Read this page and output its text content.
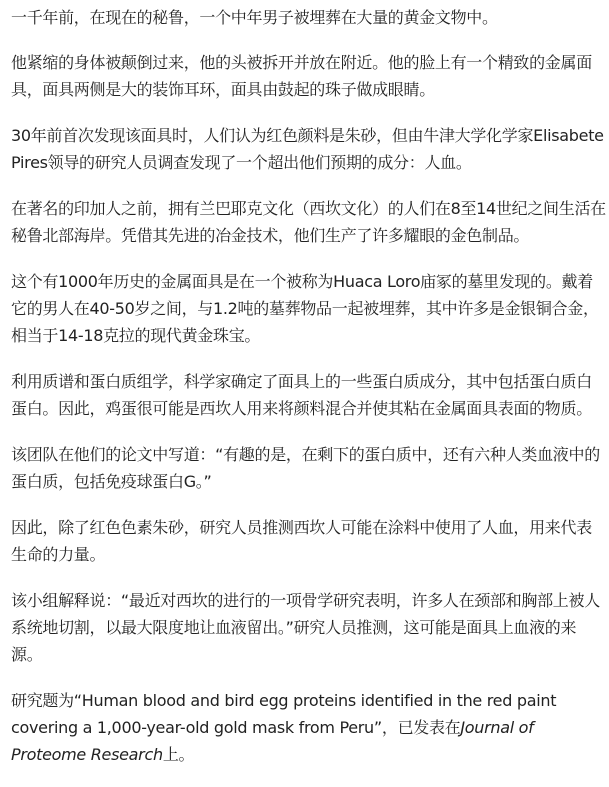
一千年前，在现在的秘鲁，一个中年男子被埋葬在大量的黄金文物中。

他紧缩的身体被颠倒过来，他的头被拆开并放在附近。他的脸上有一个精致的金属面具，面具两侧是大的装饰耳环，面具由鼓起的珠子做成眼睛。

30年前首次发现该面具时，人们认为红色颜料是朱砂，但由牛津大学化学家Elisabete Pires领导的研究人员调查发现了一个超出他们预期的成分：人血。

在著名的印加人之前，拥有兰巴耶克文化（西坎文化）的人们在8至14世纪之间生活在秘鲁北部海岸。凭借其先进的冶金技术，他们生产了许多耀眼的金色制品。

这个有1000年历史的金属面具是在一个被称为Huaca Loro庙冢的墓里发现的。戴着它的男人在40-50岁之间，与1.2吨的墓葬物品一起被埋葬，其中许多是金银铜合金，相当于14-18克拉的现代黄金珠宝。

利用质谱和蛋白质组学，科学家确定了面具上的一些蛋白质成分，其中包括蛋白质白蛋白。因此，鸡蛋很可能是西坎人用来将颜料混合并使其粘在金属面具表面的物质。

该团队在他们的论文中写道：“有趣的是，在剩下的蛋白质中，还有六种人类血液中的蛋白质，包括免疫球蛋白G。”

因此，除了红色色素朱砂，研究人员推测西坎人可能在涂料中使用了人血，用来代表生命的力量。

该小组解释说：“最近对西坎的进行的一项骨学研究表明，许多人在颈部和胸部上被人系统地切割，以最大限度地让血液留出。”研究人员推测，这可能是面具上血液的来源。

研究题为“Human blood and bird egg proteins identified in the red paint covering a 1,000-year-old gold mask from Peru”，已发表在Journal of Proteome Research上。
